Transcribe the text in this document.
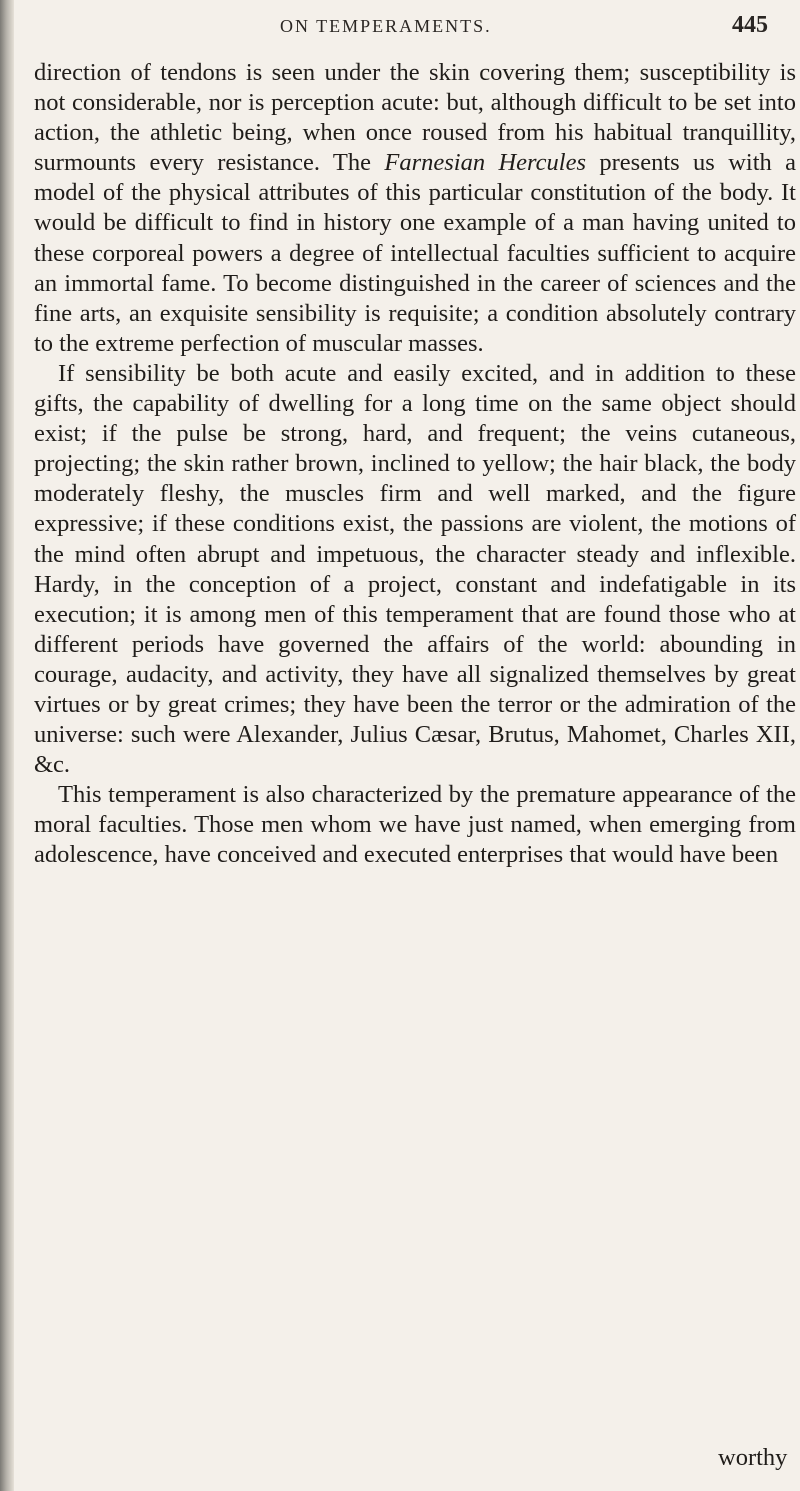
ON TEMPERAMENTS.	445

direction of tendons is seen under the skin covering them; susceptibility is not considerable, nor is perception acute: but, although difficult to be set into action, the athletic being, when once roused from his habitual tranquillity, surmounts every resistance. The Farnesian Hercules presents us with a model of the physical attributes of this particular constitution of the body. It would be difficult to find in history one example of a man having united to these corporeal powers a degree of intellectual faculties sufficient to acquire an immortal fame. To become distinguished in the career of sciences and the fine arts, an exquisite sensibility is requisite; a condition absolutely contrary to the extreme perfection of muscular masses.

If sensibility be both acute and easily excited, and in addition to these gifts, the capability of dwelling for a long time on the same object should exist; if the pulse be strong, hard, and frequent; the veins cutaneous, projecting; the skin rather brown, inclined to yellow; the hair black, the body moderately fleshy, the muscles firm and well marked, and the figure expressive; if these conditions exist, the passions are violent, the motions of the mind often abrupt and impetuous, the character steady and inflexible. Hardy, in the conception of a project, constant and indefatigable in its execution; it is among men of this temperament that are found those who at different periods have governed the affairs of the world: abounding in courage, audacity, and activity, they have all signalized themselves by great virtues or by great crimes; they have been the terror or the admiration of the universe: such were Alexander, Julius Cæsar, Brutus, Mahomet, Charles XII, &c.

This temperament is also characterized by the premature appearance of the moral faculties. Those men whom we have just named, when emerging from adolescence, have conceived and executed enterprises that would have been

worthy
